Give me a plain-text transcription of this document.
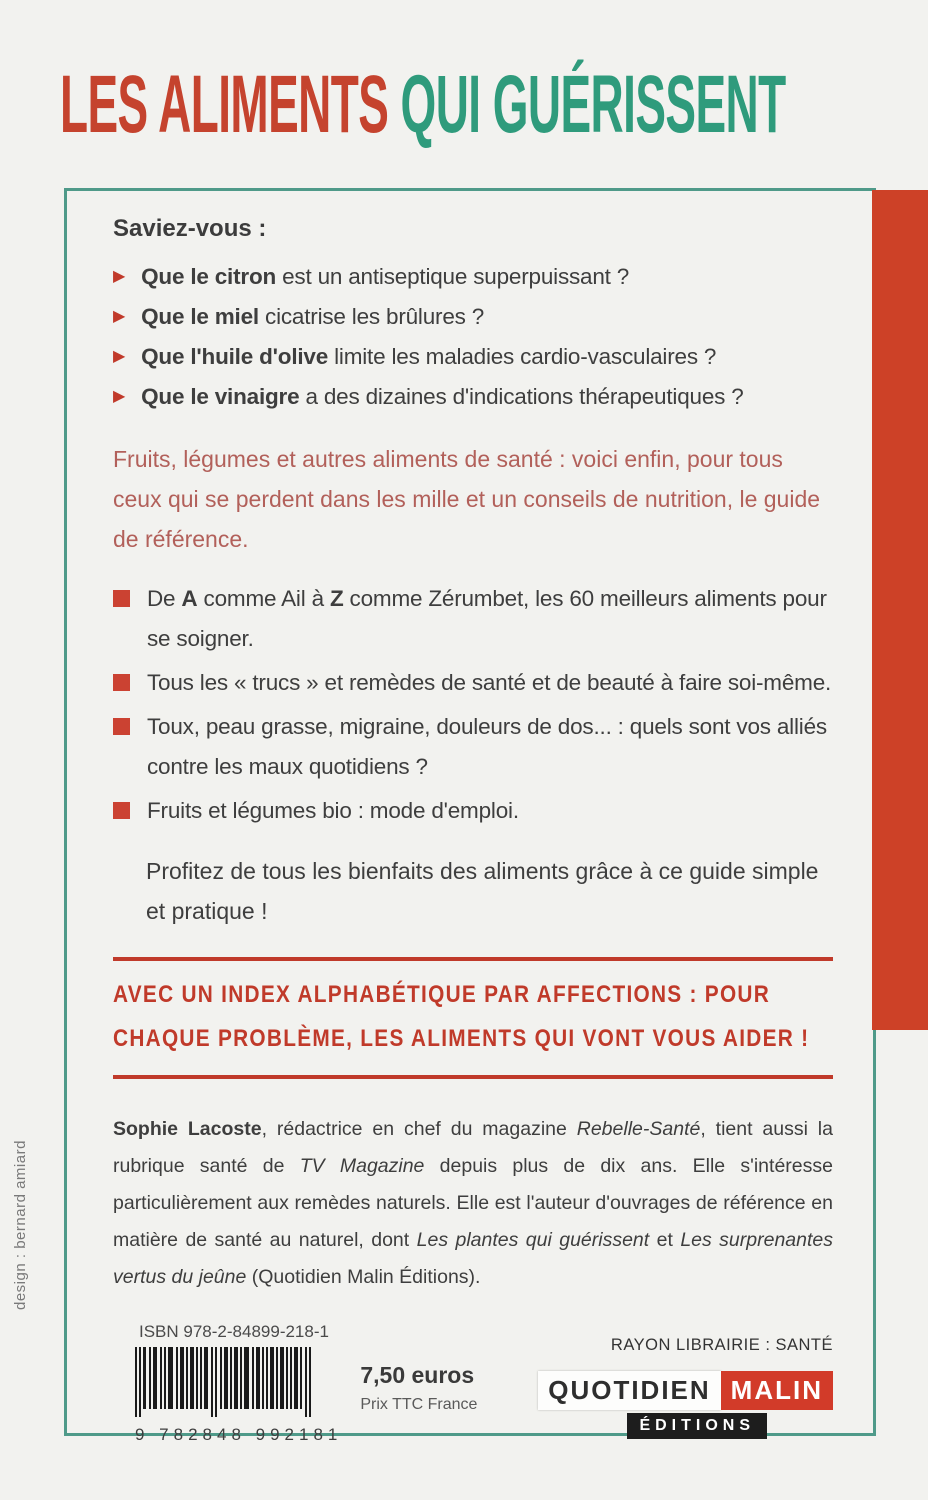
LES ALIMENTS QUI GUÉRISSENT
design : bernard amiard

Saviez-vous :

▶ Que le citron est un antiseptique superpuissant ?
▶ Que le miel cicatrise les brûlures ?
▶ Que l'huile d'olive limite les maladies cardio-vasculaires ?
▶ Que le vinaigre a des dizaines d'indications thérapeutiques ?

Fruits, légumes et autres aliments de santé : voici enfin, pour tous ceux qui se perdent dans les mille et un conseils de nutrition, le guide de référence.

De A comme Ail à Z comme Zérumbet, les 60 meilleurs aliments pour se soigner.
Tous les « trucs » et remèdes de santé et de beauté à faire soi-même.
Toux, peau grasse, migraine, douleurs de dos... : quels sont vos alliés contre les maux quotidiens ?
Fruits et légumes bio : mode d'emploi.

Profitez de tous les bienfaits des aliments grâce à ce guide simple et pratique !

AVEC UN INDEX ALPHABÉTIQUE PAR AFFECTIONS : POUR CHAQUE PROBLÈME, LES ALIMENTS QUI VONT VOUS AIDER !

Sophie Lacoste, rédactrice en chef du magazine Rebelle-Santé, tient aussi la rubrique santé de TV Magazine depuis plus de dix ans. Elle s'intéresse particulièrement aux remèdes naturels. Elle est l'auteur d'ouvrages de référence en matière de santé au naturel, dont Les plantes qui guérissent et Les surprenantes vertus du jeûne (Quotidien Malin Éditions).

ISBN 978-2-84899-218-1
9 782848 992181
7,50 euros
Prix TTC France
RAYON LIBRAIRIE : SANTÉ
QUOTIDIEN MALIN
ÉDITIONS
